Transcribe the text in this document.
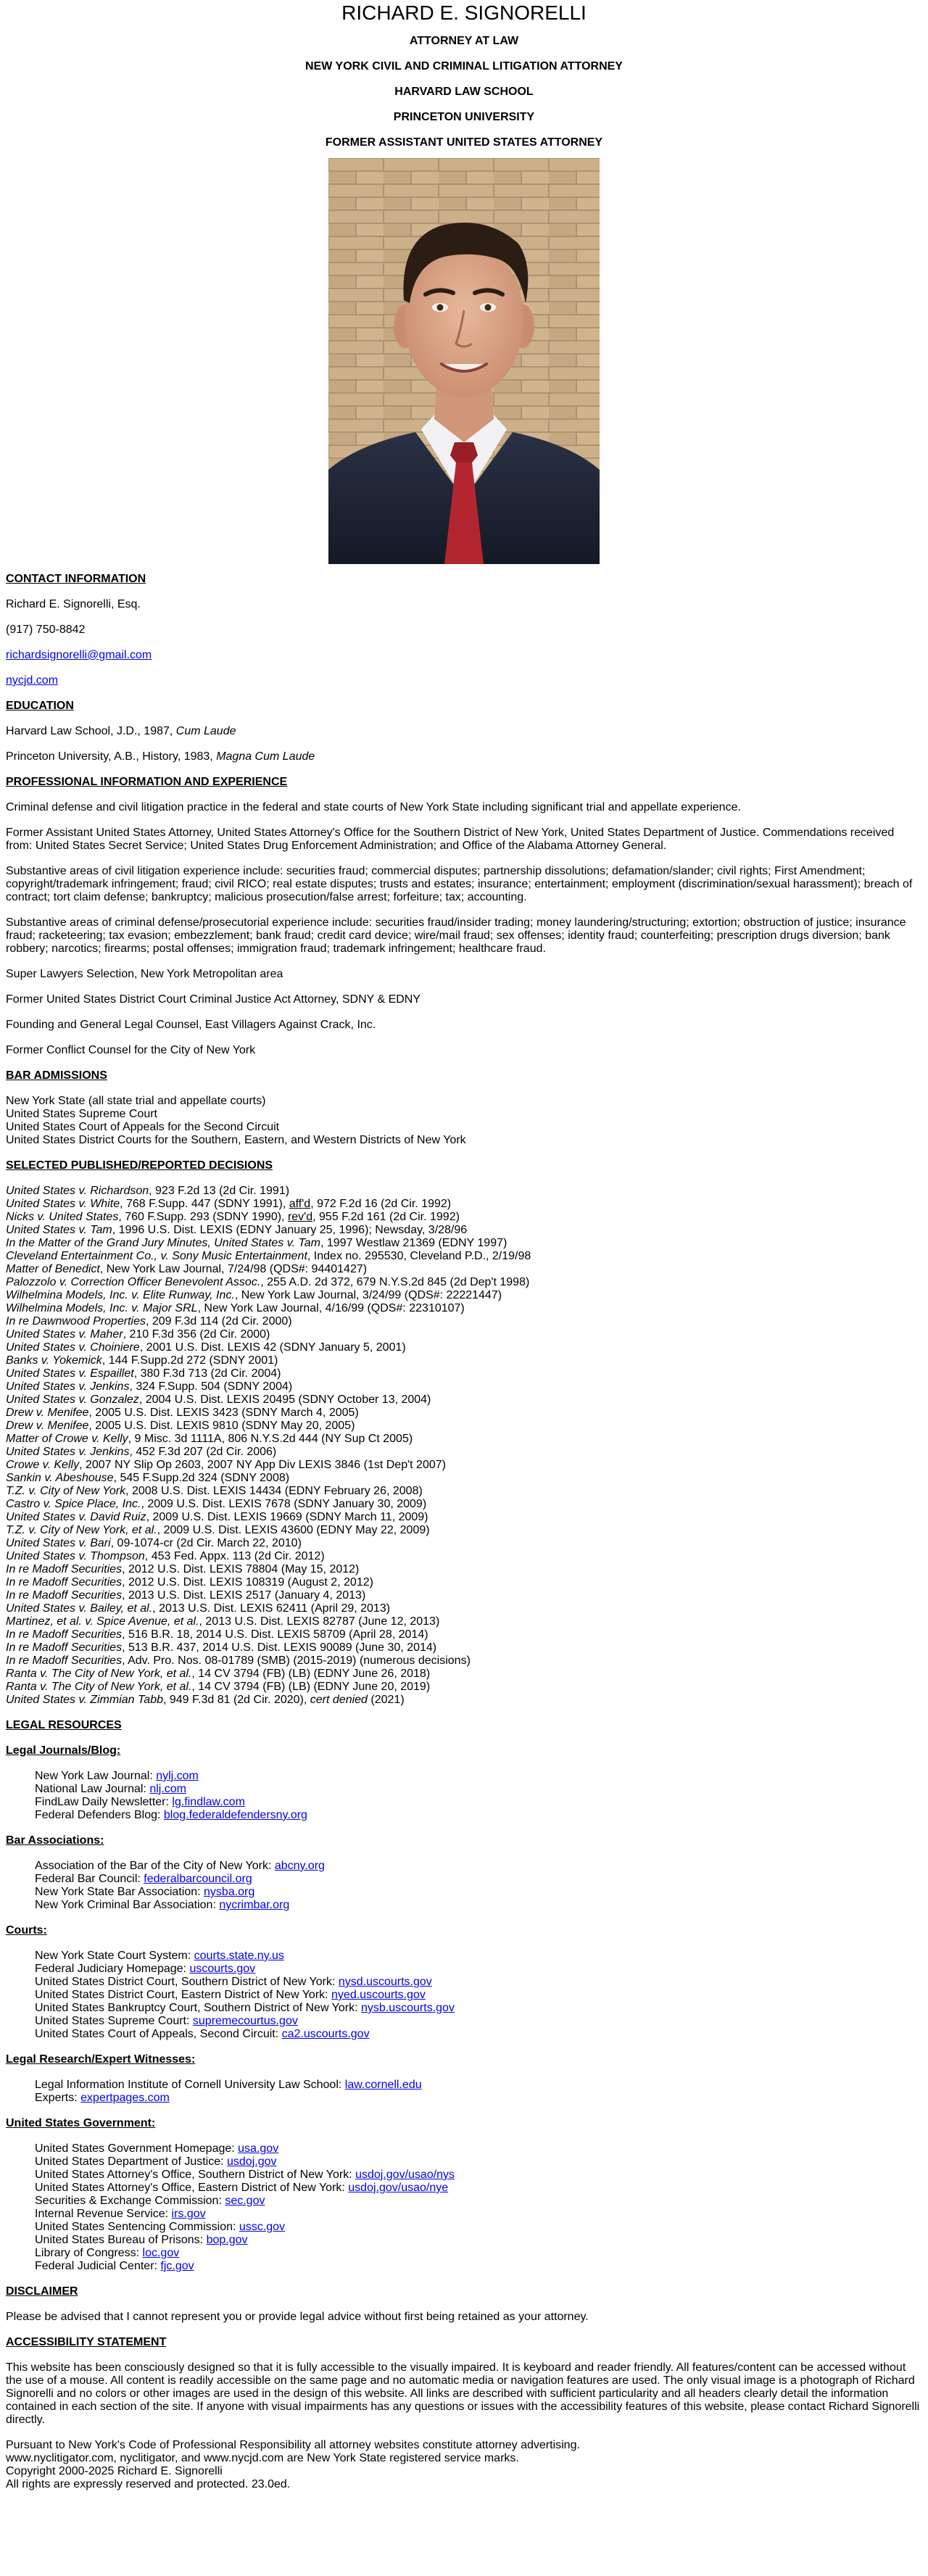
RICHARD E. SIGNORELLI
ATTORNEY AT LAW
NEW YORK CIVIL AND CRIMINAL LITIGATION ATTORNEY
HARVARD LAW SCHOOL
PRINCETON UNIVERSITY
FORMER ASSISTANT UNITED STATES ATTORNEY
CONTACT INFORMATION

Richard E. Signorelli, Esq.

(917) 750-8842

richardsignorelli@gmail.com

nycjd.com

EDUCATION

Harvard Law School, J.D., 1987, Cum Laude

Princeton University, A.B., History, 1983, Magna Cum Laude

PROFESSIONAL INFORMATION AND EXPERIENCE

Criminal defense and civil litigation practice in the federal and state courts of New York State including significant trial and appellate experience.

Former Assistant United States Attorney, United States Attorney's Office for the Southern District of New York, United States Department of Justice. Commendations received from: United States Secret Service; United States Drug Enforcement Administration; and Office of the Alabama Attorney General.

Substantive areas of civil litigation experience include: securities fraud; commercial disputes; partnership dissolutions; defamation/slander; civil rights; First Amendment; copyright/trademark infringement; fraud; civil RICO; real estate disputes; trusts and estates; insurance; entertainment; employment (discrimination/sexual harassment); breach of contract; tort claim defense; bankruptcy; malicious prosecution/false arrest; forfeiture; tax; accounting.

Substantive areas of criminal defense/prosecutorial experience include: securities fraud/insider trading; money laundering/structuring; extortion; obstruction of justice; insurance fraud; racketeering; tax evasion; embezzlement; bank fraud; credit card device; wire/mail fraud; sex offenses; identity fraud; counterfeiting; prescription drugs diversion; bank robbery; narcotics; firearms; postal offenses; immigration fraud; trademark infringement; healthcare fraud.

Super Lawyers Selection, New York Metropolitan area

Former United States District Court Criminal Justice Act Attorney, SDNY & EDNY

Founding and General Legal Counsel, East Villagers Against Crack, Inc.

Former Conflict Counsel for the City of New York

BAR ADMISSIONS
New York State (all state trial and appellate courts)
United States Supreme Court
United States Court of Appeals for the Second Circuit
United States District Courts for the Southern, Eastern, and Western Districts of New York
SELECTED PUBLISHED/REPORTED DECISIONS
United States v. Richardson, 923 F.2d 13 (2d Cir. 1991)
United States v. White, 768 F.Supp. 447 (SDNY 1991), aff'd, 972 F.2d 16 (2d Cir. 1992)
Nicks v. United States, 760 F.Supp. 293 (SDNY 1990), rev'd, 955 F.2d 161 (2d Cir. 1992)
United States v. Tam, 1996 U.S. Dist. LEXIS (EDNY January 25, 1996); Newsday, 3/28/96
In the Matter of the Grand Jury Minutes, United States v. Tam, 1997 Westlaw 21369 (EDNY 1997)
Cleveland Entertainment Co., v. Sony Music Entertainment, Index no. 295530, Cleveland P.D., 2/19/98
Matter of Benedict, New York Law Journal, 7/24/98 (QDS#: 94401427)
Palozzolo v. Correction Officer Benevolent Assoc., 255 A.D. 2d 372, 679 N.Y.S.2d 845 (2d Dep't 1998)
Wilhelmina Models, Inc. v. Elite Runway, Inc., New York Law Journal, 3/24/99 (QDS#: 22221447)
Wilhelmina Models, Inc. v. Major SRL, New York Law Journal, 4/16/99 (QDS#: 22310107)
In re Dawnwood Properties, 209 F.3d 114 (2d Cir. 2000)
United States v. Maher, 210 F.3d 356 (2d Cir. 2000)
United States v. Choiniere, 2001 U.S. Dist. LEXIS 42 (SDNY January 5, 2001)
Banks v. Yokemick, 144 F.Supp.2d 272 (SDNY 2001)
United States v. Espaillet, 380 F.3d 713 (2d Cir. 2004)
United States v. Jenkins, 324 F.Supp. 504 (SDNY 2004)
United States v. Gonzalez, 2004 U.S. Dist. LEXIS 20495 (SDNY October 13, 2004)
Drew v. Menifee, 2005 U.S. Dist. LEXIS 3423 (SDNY March 4, 2005)
Drew v. Menifee, 2005 U.S. Dist. LEXIS 9810 (SDNY May 20, 2005)
Matter of Crowe v. Kelly, 9 Misc. 3d 1111A, 806 N.Y.S.2d 444 (NY Sup Ct 2005)
United States v. Jenkins, 452 F.3d 207 (2d Cir. 2006)
Crowe v. Kelly, 2007 NY Slip Op 2603, 2007 NY App Div LEXIS 3846 (1st Dep't 2007)
Sankin v. Abeshouse, 545 F.Supp.2d 324 (SDNY 2008)
T.Z. v. City of New York, 2008 U.S. Dist. LEXIS 14434 (EDNY February 26, 2008)
Castro v. Spice Place, Inc., 2009 U.S. Dist. LEXIS 7678 (SDNY January 30, 2009)
United States v. David Ruiz, 2009 U.S. Dist. LEXIS 19669 (SDNY March 11, 2009)
T.Z. v. City of New York, et al., 2009 U.S. Dist. LEXIS 43600 (EDNY May 22, 2009)
United States v. Bari, 09-1074-cr (2d Cir. March 22, 2010)
United States v. Thompson, 453 Fed. Appx. 113 (2d Cir. 2012)
In re Madoff Securities, 2012 U.S. Dist. LEXIS 78804 (May 15, 2012)
In re Madoff Securities, 2012 U.S. Dist. LEXIS 108319 (August 2, 2012)
In re Madoff Securities, 2013 U.S. Dist. LEXIS 2517 (January 4, 2013)
United States v. Bailey, et al., 2013 U.S. Dist. LEXIS 62411 (April 29, 2013)
Martinez, et al. v. Spice Avenue, et al., 2013 U.S. Dist. LEXIS 82787 (June 12, 2013)
In re Madoff Securities, 516 B.R. 18, 2014 U.S. Dist. LEXIS 58709 (April 28, 2014)
In re Madoff Securities, 513 B.R. 437, 2014 U.S. Dist. LEXIS 90089 (June 30, 2014)
In re Madoff Securities, Adv. Pro. Nos. 08-01789 (SMB) (2015-2019) (numerous decisions)
Ranta v. The City of New York, et al., 14 CV 3794 (FB) (LB) (EDNY June 26, 2018)
Ranta v. The City of New York, et al., 14 CV 3794 (FB) (LB) (EDNY June 20, 2019)
United States v. Zimmian Tabb, 949 F.3d 81 (2d Cir. 2020), cert denied (2021)
LEGAL RESOURCES
Legal Journals/Blog:
New York Law Journal: nylj.com
National Law Journal: nlj.com
FindLaw Daily Newsletter: lg.findlaw.com
Federal Defenders Blog: blog.federaldefendersny.org
Bar Associations:
Association of the Bar of the City of New York: abcny.org
Federal Bar Council: federalbarcouncil.org
New York State Bar Association: nysba.org
New York Criminal Bar Association: nycrimbar.org
Courts:
New York State Court System: courts.state.ny.us
Federal Judiciary Homepage: uscourts.gov
United States District Court, Southern District of New York: nysd.uscourts.gov
United States District Court, Eastern District of New York: nyed.uscourts.gov
United States Bankruptcy Court, Southern District of New York: nysb.uscourts.gov
United States Supreme Court: supremecourtus.gov
United States Court of Appeals, Second Circuit: ca2.uscourts.gov
Legal Research/Expert Witnesses:
Legal Information Institute of Cornell University Law School: law.cornell.edu
Experts: expertpages.com
United States Government:
United States Government Homepage: usa.gov
United States Department of Justice: usdoj.gov
United States Attorney's Office, Southern District of New York: usdoj.gov/usao/nys
United States Attorney's Office, Eastern District of New York: usdoj.gov/usao/nye
Securities & Exchange Commission: sec.gov
Internal Revenue Service: irs.gov
United States Sentencing Commission: ussc.gov
United States Bureau of Prisons: bop.gov
Library of Congress: loc.gov
Federal Judicial Center: fjc.gov
DISCLAIMER

Please be advised that I cannot represent you or provide legal advice without first being retained as your attorney.

ACCESSIBILITY STATEMENT

This website has been consciously designed so that it is fully accessible to the visually impaired. It is keyboard and reader friendly. All features/content can be accessed without the use of a mouse. All content is readily accessible on the same page and no automatic media or navigation features are used. The only visual image is a photograph of Richard Signorelli and no colors or other images are used in the design of this website. All links are described with sufficient particularity and all headers clearly detail the information contained in each section of the site. If anyone with visual impairments has any questions or issues with the accessibility features of this website, please contact Richard Signorelli directly.

Pursuant to New York's Code of Professional Responsibility all attorney websites constitute attorney advertising.
www.nyclitigator.com, nyclitigator, and www.nycjd.com are New York State registered service marks.
Copyright 2000-2025 Richard E. Signorelli
All rights are expressly reserved and protected. 23.0ed.
